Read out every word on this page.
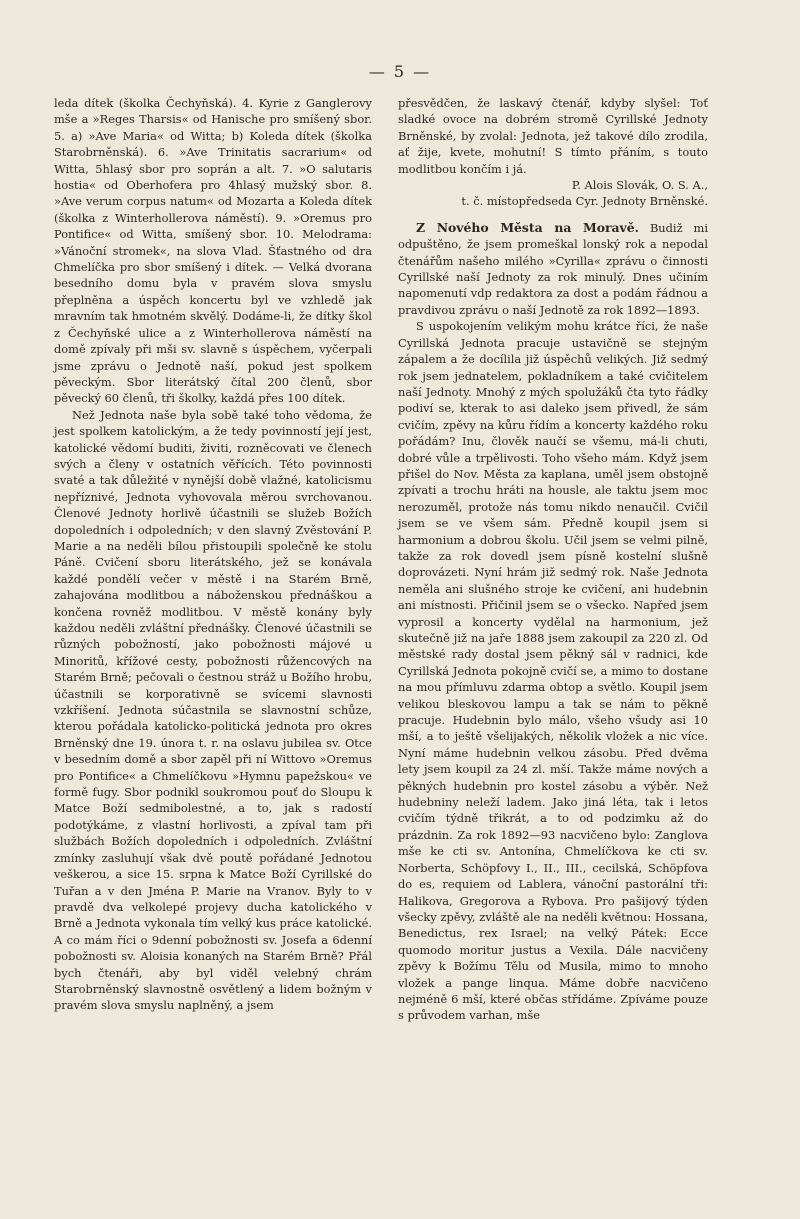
— 5 —

leda dítek (školka Čechyňská). 4. Kyrie z Ganglerovy mše a »Reges Tharsis« od Hanische pro smíšený sbor. 5. a) »Ave Maria« od Witta; b) Koleda dítek (školka Starobrněnská). 6. »Ave Trinitatis sacrarium« od Witta, 5hlasý sbor pro soprán a alt. 7. »O salutaris hostia« od Oberhofera pro 4hlasý mužský sbor. 8. »Ave verum corpus natum« od Mozarta a Koleda dítek (školka z Winterhollerova náměstí). 9. »Oremus pro Pontifice« od Witta, smíšený sbor. 10. Melodrama: »Vánoční stromek«, na slova Vlad. Šťastného od dra Chmelíčka pro sbor smíšený i dítek. — Velká dvorana besedního domu byla v pravém slova smyslu přeplněna a úspěch koncertu byl ve vzhledě jak mravním tak hmotném skvělý. Dodáme-li, že dítky škol z Čechyňské ulice a z Winterhollerova náměstí na domě zpívaly při mši sv. slavně s úspěchem, vyčerpali jsme zprávu o Jednotě naší, pokud jest spolkem pěveckým. Sbor literátský čítal 200 členů, sbor pěvecký 60 členů, tři školky, každá přes 100 dítek.

Než Jednota naše byla sobě také toho vědoma, že jest spolkem katolickým, a že tedy povinností její jest, katolické vědomí buditi, živiti, rozněcovati ve členech svých a členy v ostatních věřících. Této povinnosti svaté a tak důležité v nynější době vlažné, katolicismu nepříznivé, Jednota vyhovovala měrou svrchovanou. Členové Jednoty horlivě účastnili se služeb Božích dopoledních i odpoledních; v den slavný Zvěstování P. Marie a na neděli bílou přistoupili společně ke stolu Páně. Cvičení sboru literátského, jež se konávala každé pondělí večer v městě i na Starém Brně, zahajována modlitbou a náboženskou přednáškou a končena rovněž modlitbou. V městě konány byly každou neděli zvláštní přednášky. Členové účastnili se různých pobožností, jako pobožnosti májové u Minoritů, křížové cesty, pobožnosti růžencových na Starém Brně; pečovali o čestnou stráž u Božího hrobu, účastnili se korporativně se svícemi slavnosti vzkříšení. Jednota súčastnila se slavnostní schůze, kterou pořádala katolicko-politická jednota pro okres Brněnský dne 19. února t. r. na oslavu jubilea sv. Otce v besedním domě a sbor zapěl při ní Wittovo »Oremus pro Pontifice« a Chmelíčkovu »Hymnu papežskou« ve formě fugy. Sbor podnikl soukromou pouť do Sloupu k Matce Boží sedmibolestné, a to, jak s radostí podotýkáme, z vlastní horlivosti, a zpíval tam při službách Božích dopoledních i odpoledních. Zvláštní zmínky zasluhují však dvě poutě pořádané Jednotou veškerou, a sice 15. srpna k Matce Boží Cyrillské do Tuřan a v den Jména P. Marie na Vranov. Byly to v pravdě dva velkolepé projevy ducha katolického v Brně a Jednota vykonala tím velký kus práce katolické. A co mám říci o 9denní pobožnosti sv. Josefa a 6denní pobožnosti sv. Aloisia konaných na Starém Brně? Přál bych čtenáři, aby byl viděl velebný chrám Starobrněnský slavnostně osvětlený a lidem božným v pravém slova smyslu naplněný, a jsem

přesvědčen, že laskavý čtenář, kdyby slyšel: Toť sladké ovoce na dobrém stromě Cyrillské Jednoty Brněnské, by zvolal: Jednota, jež takové dílo zrodila, ať žije, kvete, mohutní! S tímto přáním, s touto modlitbou končím i já.

P. Alois Slovák, O. S. A.,

t. č. místopředseda Cyr. Jednoty Brněnské.

Z Nového Města na Moravě. Budiž mi odpuštěno, že jsem promeškal lonský rok a nepodal čtenářům našeho milého »Cyrilla« zprávu o činnosti Cyrillské naší Jednoty za rok minulý. Dnes učiním napomenutí vdp redaktora za dost a podám řádnou a pravdivou zprávu o naší Jednotě za rok 1892—1893.

S uspokojením velikým mohu krátce říci, že naše Cyrillská Jednota pracuje ustavičně se stejným zápalem a že docílila již úspěchů velikých. Již sedmý rok jsem jednatelem, pokladníkem a také cvičitelem naší Jednoty. Mnohý z mých spolužáků čta tyto řádky podiví se, kterak to asi daleko jsem přivedl, že sám cvičím, zpěvy na kůru řídím a koncerty každého roku pořádám? Inu, člověk naučí se všemu, má-li chuti, dobré vůle a trpělivosti. Toho všeho mám. Když jsem přišel do Nov. Města za kaplana, uměl jsem obstojně zpívati a trochu hráti na housle, ale taktu jsem moc nerozuměl, protože nás tomu nikdo nenaučil. Cvičil jsem se ve všem sám. Předně koupil jsem si harmonium a dobrou školu. Učil jsem se velmi pilně, takže za rok dovedl jsem písně kostelní slušně doprovázeti. Nyní hrám již sedmý rok. Naše Jednota neměla ani slušného stroje ke cvičení, ani hudebnin ani místnosti. Přičinil jsem se o všecko. Napřed jsem vyprosil a koncerty vydělal na harmonium, jež skutečně již na jaře 1888 jsem zakoupil za 220 zl. Od městské rady dostal jsem pěkný sál v radnici, kde Cyrillská Jednota pokojně cvičí se, a mimo to dostane na mou přímluvu zdarma obtop a světlo. Koupil jsem velikou bleskovou lampu a tak se nám to pěkně pracuje. Hudebnin bylo málo, všeho všudy asi 10 mší, a to ještě všelijakých, několik vložek a nic více. Nyní máme hudebnin velkou zásobu. Před dvěma lety jsem koupil za 24 zl. mší. Takže máme nových a pěkných hudebnin pro kostel zásobu a výběr. Než hudebniny neleží ladem. Jako jiná léta, tak i letos cvičím týdně třikrát, a to od podzimku až do prázdnin. Za rok 1892—93 nacvičeno bylo: Zanglova mše ke cti sv. Antonína, Chmelíčkova ke cti sv. Norberta, Schöpfovy I., II., III., cecilská, Schöpfova do es, requiem od Lablera, vánoční pastorální tři: Halikova, Gregorova a Rybova. Pro pašijový týden všecky zpěvy, zvláště ale na neděli květnou: Hossana, Benedictus, rex Israel; na velký Pátek: Ecce quomodo moritur justus a Vexila. Dále nacvičeny zpěvy k Božímu Tělu od Musila, mimo to mnoho vložek a pange linqua. Máme dobře nacvičeno nejméně 6 mší, které občas střídáme. Zpíváme pouze s průvodem varhan, mše
